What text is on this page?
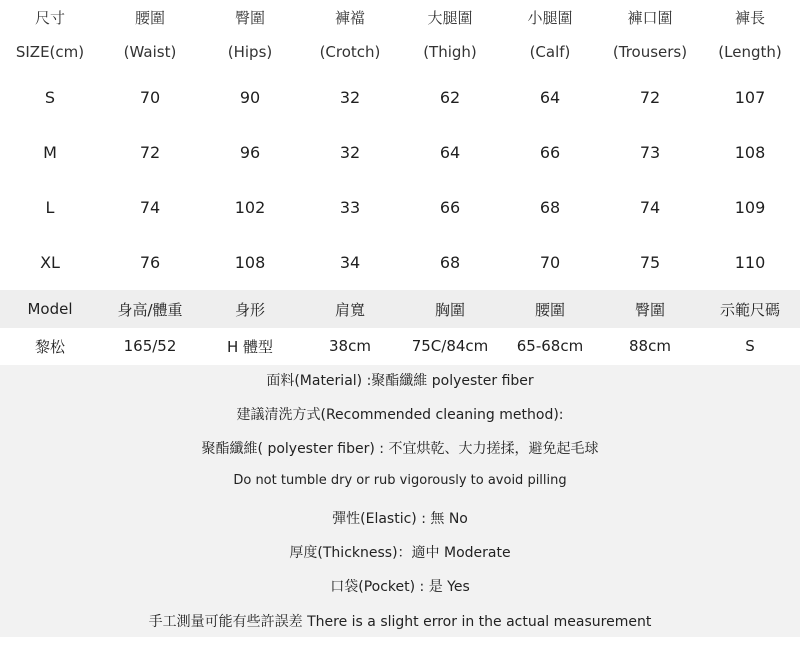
尺寸	腰圍	臀圍	褲襠	大腿圍	小腿圍	褲口圍	褲長
SIZE(cm)	(Waist)	(Hips)	(Crotch)	(Thigh)	(Calf)	(Trousers)	(Length)
S	70	90	32	62	64	72	107
M	72	96	32	64	66	73	108
L	74	102	33	66	68	74	109
XL	76	108	34	68	70	75	110
Model	身高/體重	身形	肩寬	胸圍	腰圍	臀圍	示範尺碼
黎松	165/52	H 體型	38cm	75C/84cm	65-68cm	88cm	S
面料(Material) :聚酯纖維 polyester fiber
建議清洗方式(Recommended cleaning method):
聚酯纖維( polyester fiber) : 不宜烘乾、大力搓揉，避免起毛球
Do not tumble dry or rub vigorously to avoid pilling
彈性(Elastic) : 無 No
厚度(Thickness)：適中 Moderate
口袋(Pocket) : 是 Yes
手工測量可能有些許誤差 There is a slight error in the actual measurement
